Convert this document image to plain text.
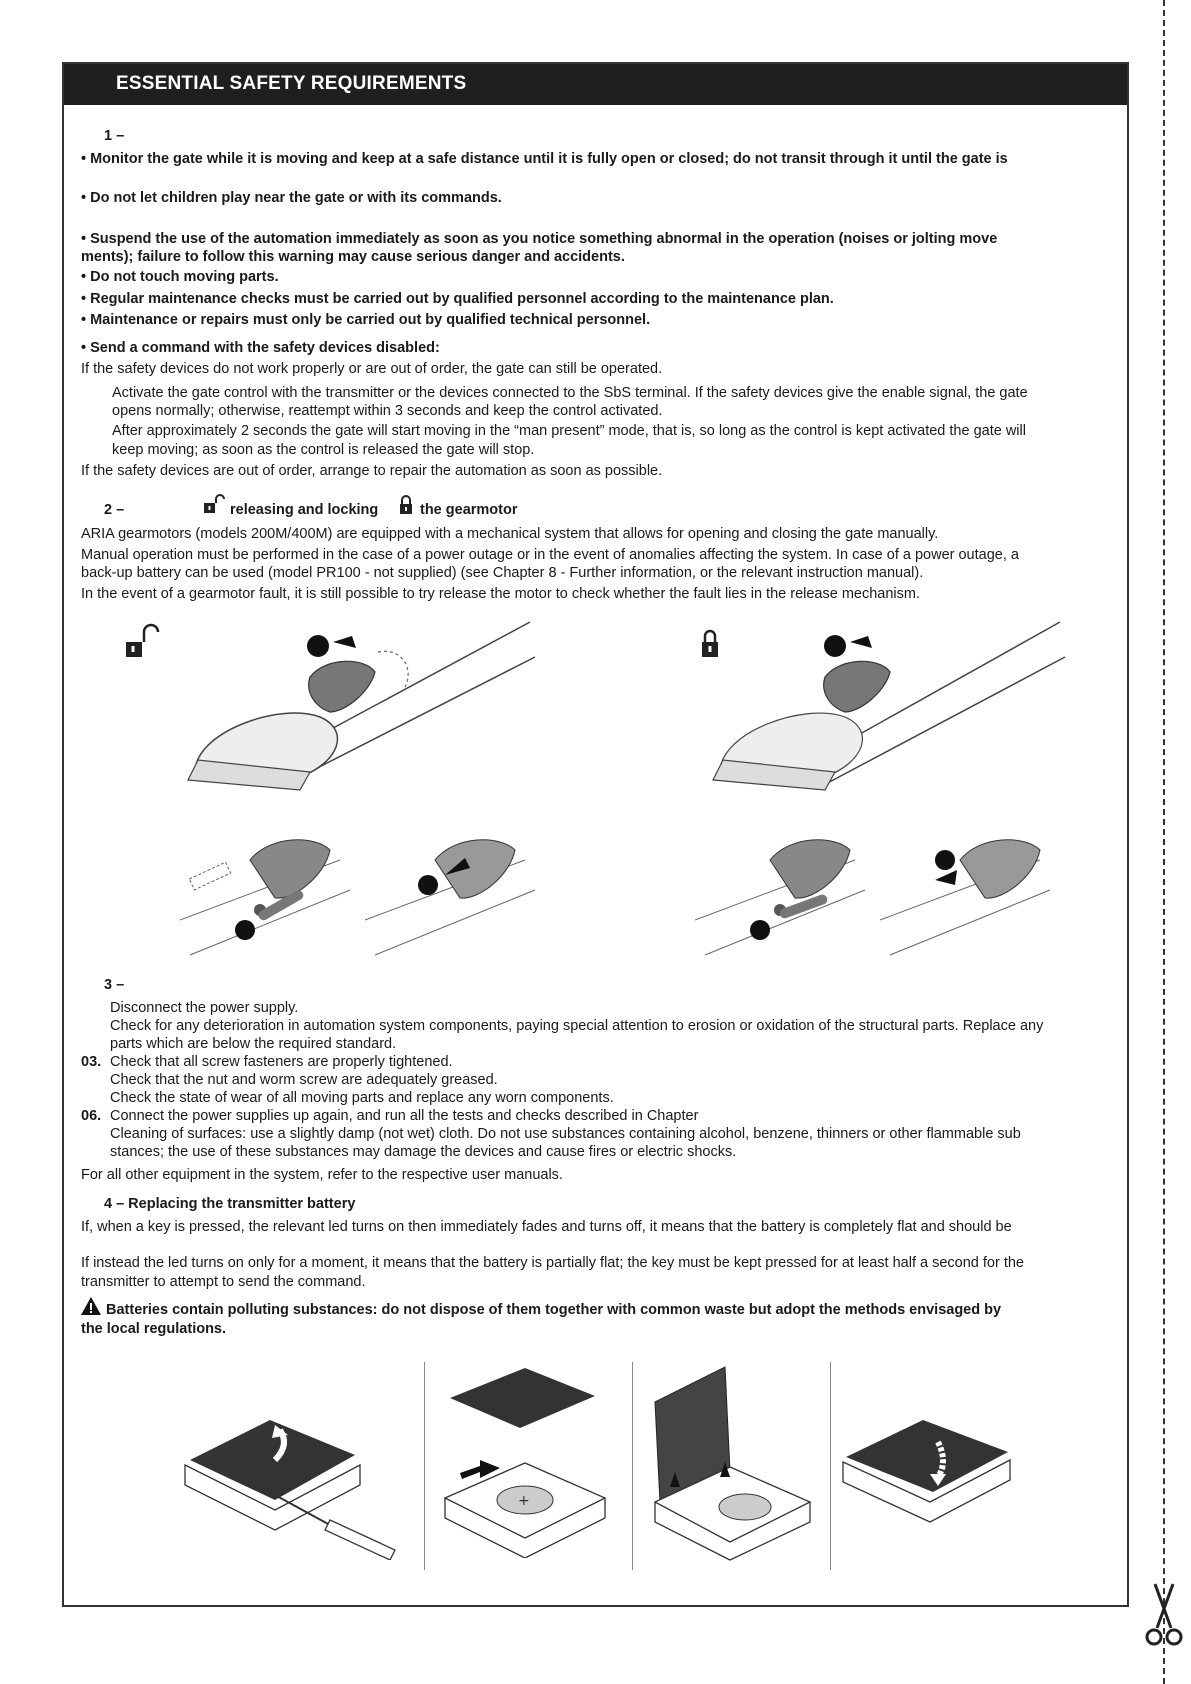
ESSENTIAL SAFETY REQUIREMENTS
1 –
• Monitor the gate while it is moving and keep at a safe distance until it is fully open or closed; do not transit through it until the gate is
• Do not let children play near the gate or with its commands.
• Suspend the use of the automation immediately as soon as you notice something abnormal in the operation (noises or jolting move
ments); failure to follow this warning may cause serious danger and accidents.
• Do not touch moving parts.
• Regular maintenance checks must be carried out by qualified personnel according to the maintenance plan.
• Maintenance or repairs must only be carried out by qualified technical personnel.
• Send a command with the safety devices disabled:
If the safety devices do not work properly or are out of order, the gate can still be operated.
Activate the gate control with the transmitter or the devices connected to the SbS terminal. If the safety devices give the enable signal, the gate
opens normally; otherwise, reattempt within 3 seconds and keep the control activated.
After approximately 2 seconds the gate will start moving in the “man present” mode, that is, so long as the control is kept activated the gate will
keep moving; as soon as the control is released the gate will stop.
If the safety devices are out of order, arrange to repair the automation as soon as possible.
2 –	releasing and locking	the gearmotor
ARIA gearmotors (models 200M/400M) are equipped with a mechanical system that allows for opening and closing the gate manually.
Manual operation must be performed in the case of a power outage or in the event of anomalies affecting the system. In case of a power outage, a
back-up battery can be used (model PR100 - not supplied) (see Chapter 8 - Further information, or the relevant instruction manual).
In the event of a gearmotor fault, it is still possible to try release the motor to check whether the fault lies in the release mechanism.
3 –
Disconnect the power supply.
Check for any deterioration in automation system components, paying special attention to erosion or oxidation of the structural parts. Replace any
parts which are below the required standard.
03. Check that all screw fasteners are properly tightened.
Check that the nut and worm screw are adequately greased.
Check the state of wear of all moving parts and replace any worn components.
06. Connect the power supplies up again, and run all the tests and checks described in Chapter
Cleaning of surfaces: use a slightly damp (not wet) cloth. Do not use substances containing alcohol, benzene, thinners or other flammable sub
stances; the use of these substances may damage the devices and cause fires or electric shocks.
For all other equipment in the system, refer to the respective user manuals.
4 – Replacing the transmitter battery
If, when a key is pressed, the relevant led turns on then immediately fades and turns off, it means that the battery is completely flat and should be
If instead the led turns on only for a moment, it means that the battery is partially flat; the key must be kept pressed for at least half a second for the
transmitter to attempt to send the command.
Batteries contain polluting substances: do not dispose of them together with common waste but adopt the methods envisaged by
the local regulations.
+
